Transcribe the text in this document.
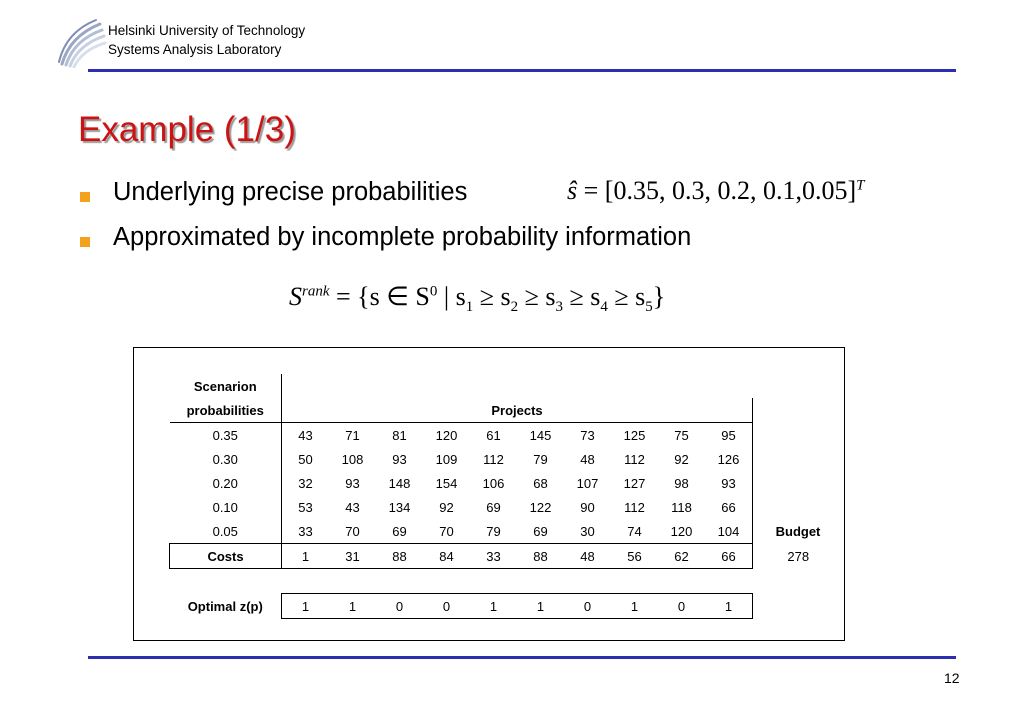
Helsinki University of Technology
Systems Analysis Laboratory
Example (1/3)
Underlying precise probabilities
Approximated by incomplete probability information
ŝ = [0.35, 0.3, 0.2, 0.1,0.05]$^T$
$S^{rank} = \{s$ ∈ $S^0$ | $s_1 \ge s_2 \ge s_3 \ge s_4 \ge s_5$}
Scenarion											
probabilities					Projects						
0.35	43	71	81	120	61	145	73	125	75	95	
0.30	50	108	93	109	112	79	48	112	92	126	
0.20	32	93	148	154	106	68	107	127	98	93	
0.10	53	43	134	92	69	122	90	112	118	66	
0.05	33	70	69	70	79	69	30	74	120	104	Budget
Costs	1	31	88	84	33	88	48	56	62	66	278

Optimal z(p)	1	1	0	0	1	1	0	1	0	1	
12
